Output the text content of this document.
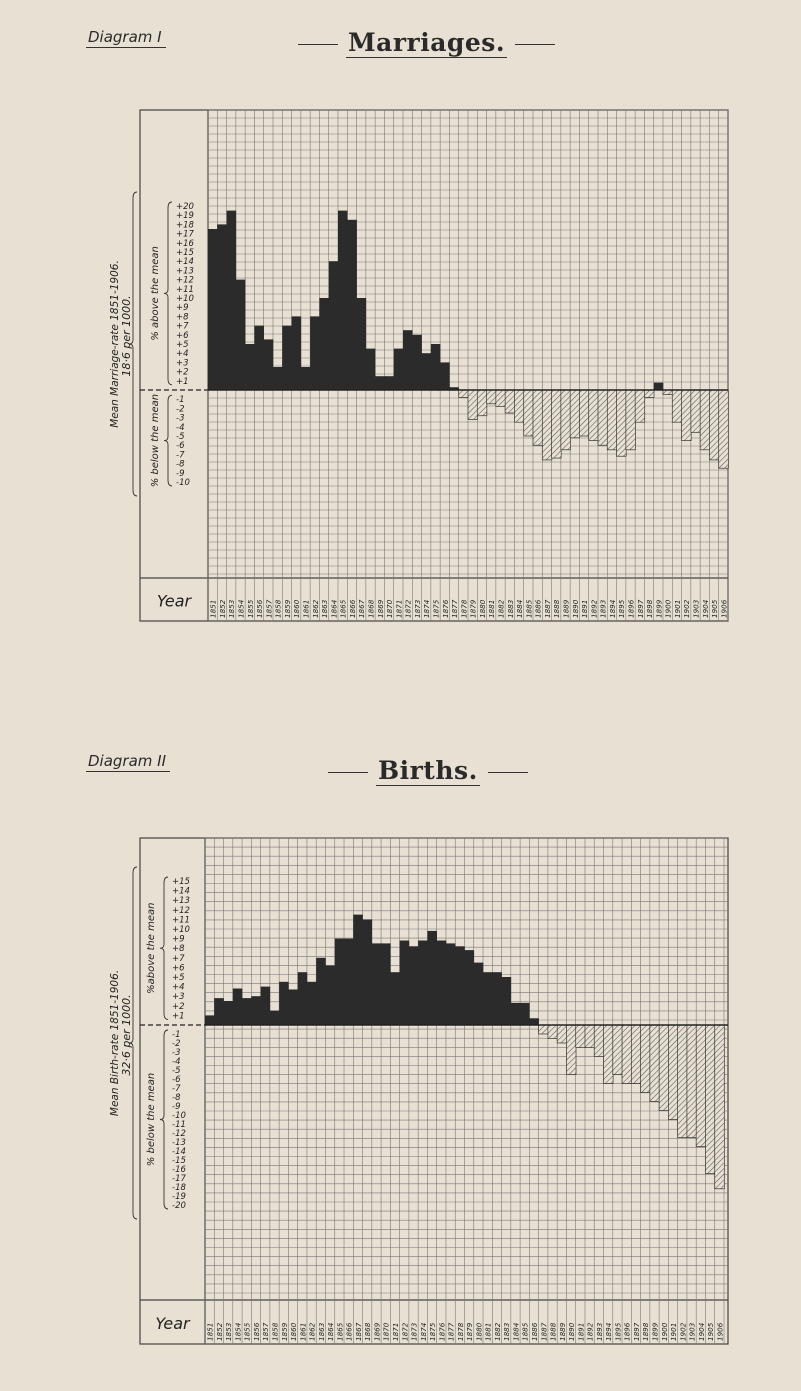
Diagram I	Marriages.
+1
+2
+3
+4
+5
+6
+7
+8
+9
+10
+11
+12
+13
+14
+15
+16
+17
+18
+19
+20
-1
-2
-3
-4
-5
-6
-7
-8
-9
-10
% above the mean
% below the mean
Mean Marriage-rate 1851-1906. 18·6 per 1000.
Year 1851 1852 1853 1854 1855 1856 1857 1858 1859 1860 1861 1862 1863 1864 1865 1866 1867 1868 1869 1870 1871 1872 1873 1874 1875 1876 1877 1878 1879 1880 1881 1882 1883 1884 1885 1886 1887 1888 1889 1890 1891 1892 1893 1894 1895 1896 1897 1898 1899 1900 1901 1902 1903 1904 1905 1906
Diagram II	Births.
+1
+2
+3
+4
+5
+6
+7
+8
+9
+10
+11
+12
+13
+14
+15
-1
-2
-3
-4
-5
-6
-7
-8
-9
-10
-11
-12
-13
-14
-15
-16
-17
-18
-19
-20
%above the mean
% below the mean
Mean Birth-rate 1851-1906. 32·6 per 1000.
Year 1851 1852 1853 1854 1855 1856 1857 1858 1859 1860 1861 1862 1863 1864 1865 1866 1867 1868 1869 1870 1871 1872 1873 1874 1875 1876 1877 1878 1879 1880 1881 1882 1883 1884 1885 1886 1887 1888 1889 1890 1891 1892 1893 1894 1895 1896 1897 1898 1899 1900 1901 1902 1903 1904 1905 1906
